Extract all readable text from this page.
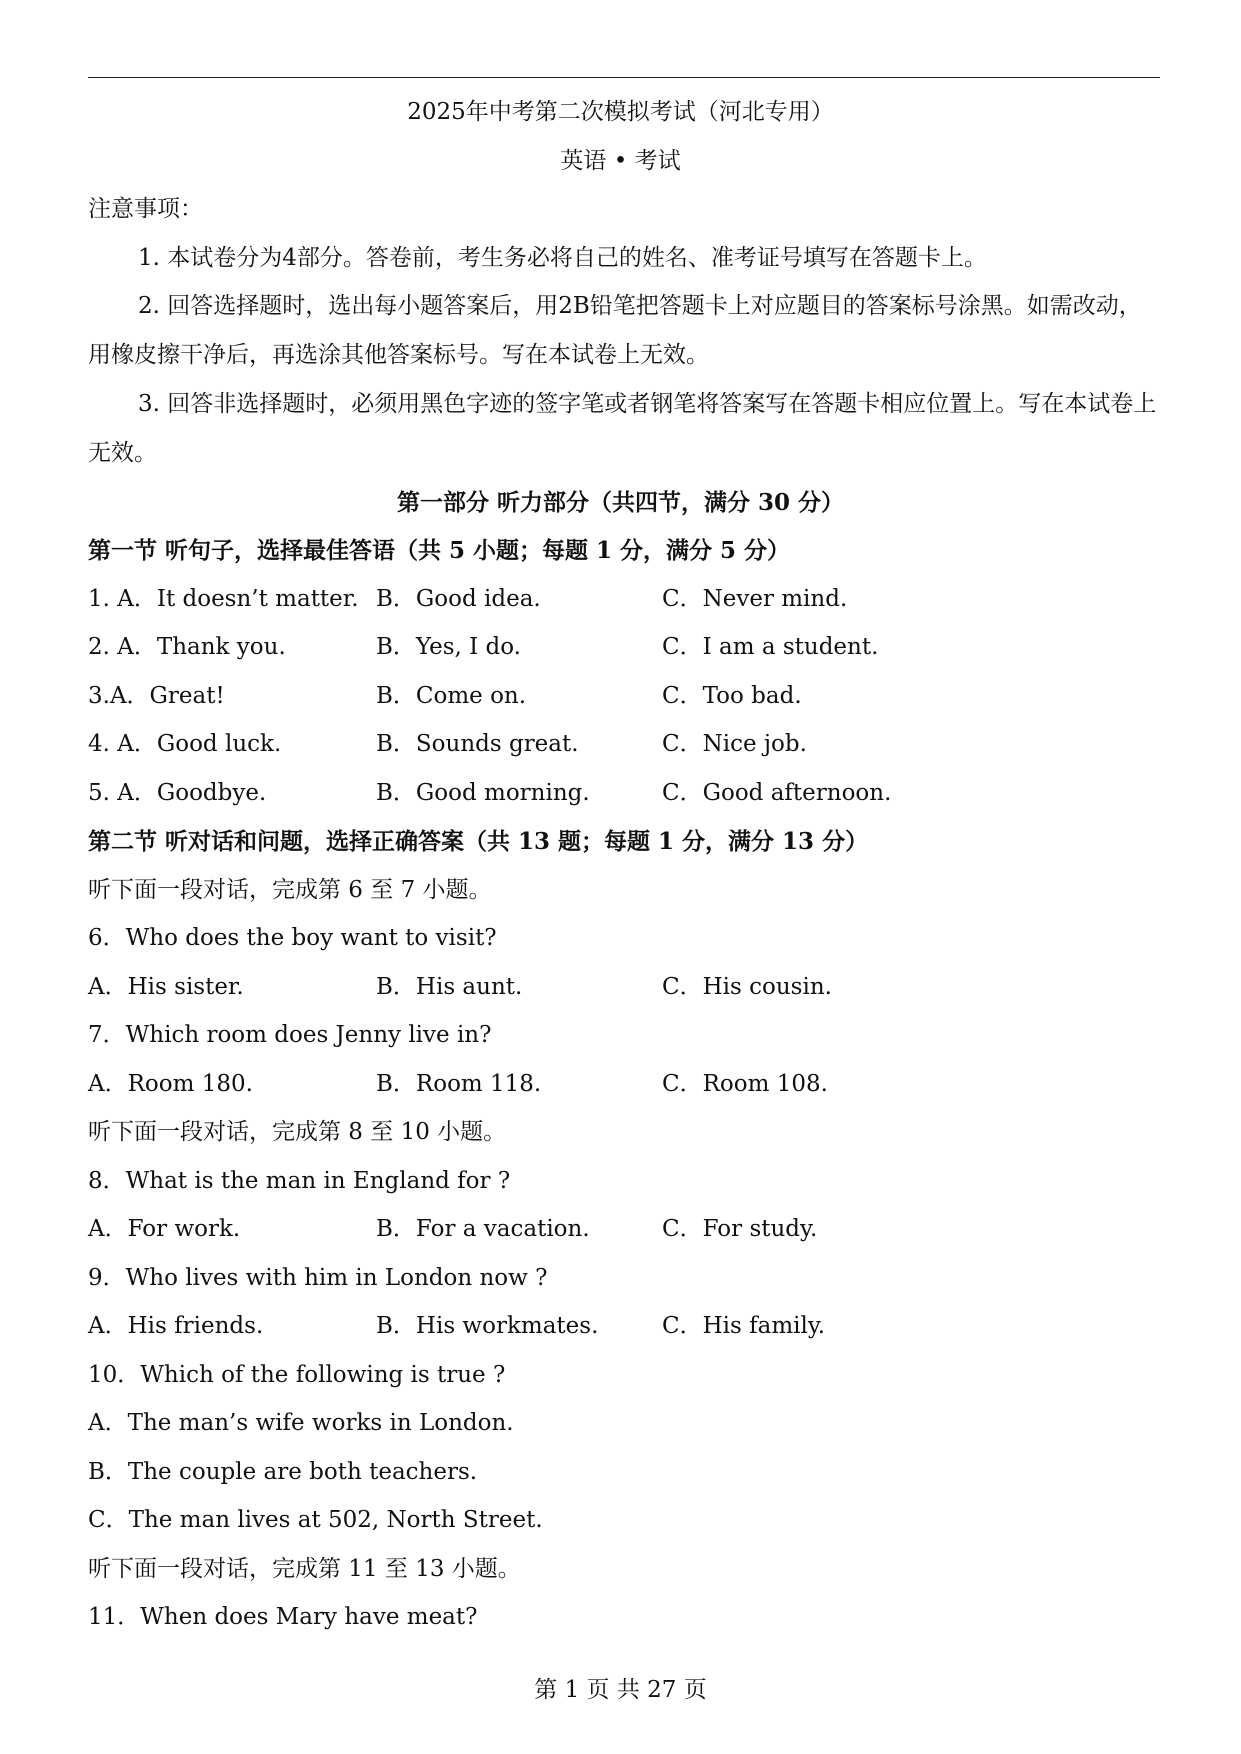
2025年中考第二次模拟考试（河北专用）
英语 • 考试
注意事项：
1. 本试卷分为4部分。答卷前，考生务必将自己的姓名、准考证号填写在答题卡上。
2. 回答选择题时，选出每小题答案后，用2B铅笔把答题卡上对应题目的答案标号涂黑。如需改动，用橡皮擦干净后，再选涂其他答案标号。写在本试卷上无效。
3. 回答非选择题时，必须用黑色字迹的签字笔或者钢笔将答案写在答题卡相应位置上。写在本试卷上无效。
第一部分 听力部分（共四节，满分 30 分）
第一节 听句子，选择最佳答语（共 5 小题；每题 1 分，满分 5 分）
1. A．It doesn’t matter. B．Good idea.	C．Never mind.
2. A．Thank you.	B．Yes, I do.	C．I am a student.
3.A．Great!	B．Come on.	C．Too bad.
4. A．Good luck.	B．Sounds great.	C．Nice job.
5. A．Goodbye.	B．Good morning.	C．Good afternoon.
第二节 听对话和问题，选择正确答案（共 13 题；每题 1 分，满分 13 分）
听下面一段对话，完成第 6 至 7 小题。
6．Who does the boy want to visit?
A．His sister.	B．His aunt.	C．His cousin.
7．Which room does Jenny live in?
A．Room 180.	B．Room 118.	C．Room 108.
听下面一段对话，完成第 8 至 10 小题。
8．What is the man in England for ?
A．For work.	B．For a vacation.	C．For study.
9．Who lives with him in London now ?
A．His friends.	B．His workmates.	C．His family.
10．Which of the following is true ?
A．The man’s wife works in London.
B．The couple are both teachers.
C．The man lives at 502, North Street.
听下面一段对话，完成第 11 至 13 小题。
11．When does Mary have meat?
第 1 页 共 27 页
